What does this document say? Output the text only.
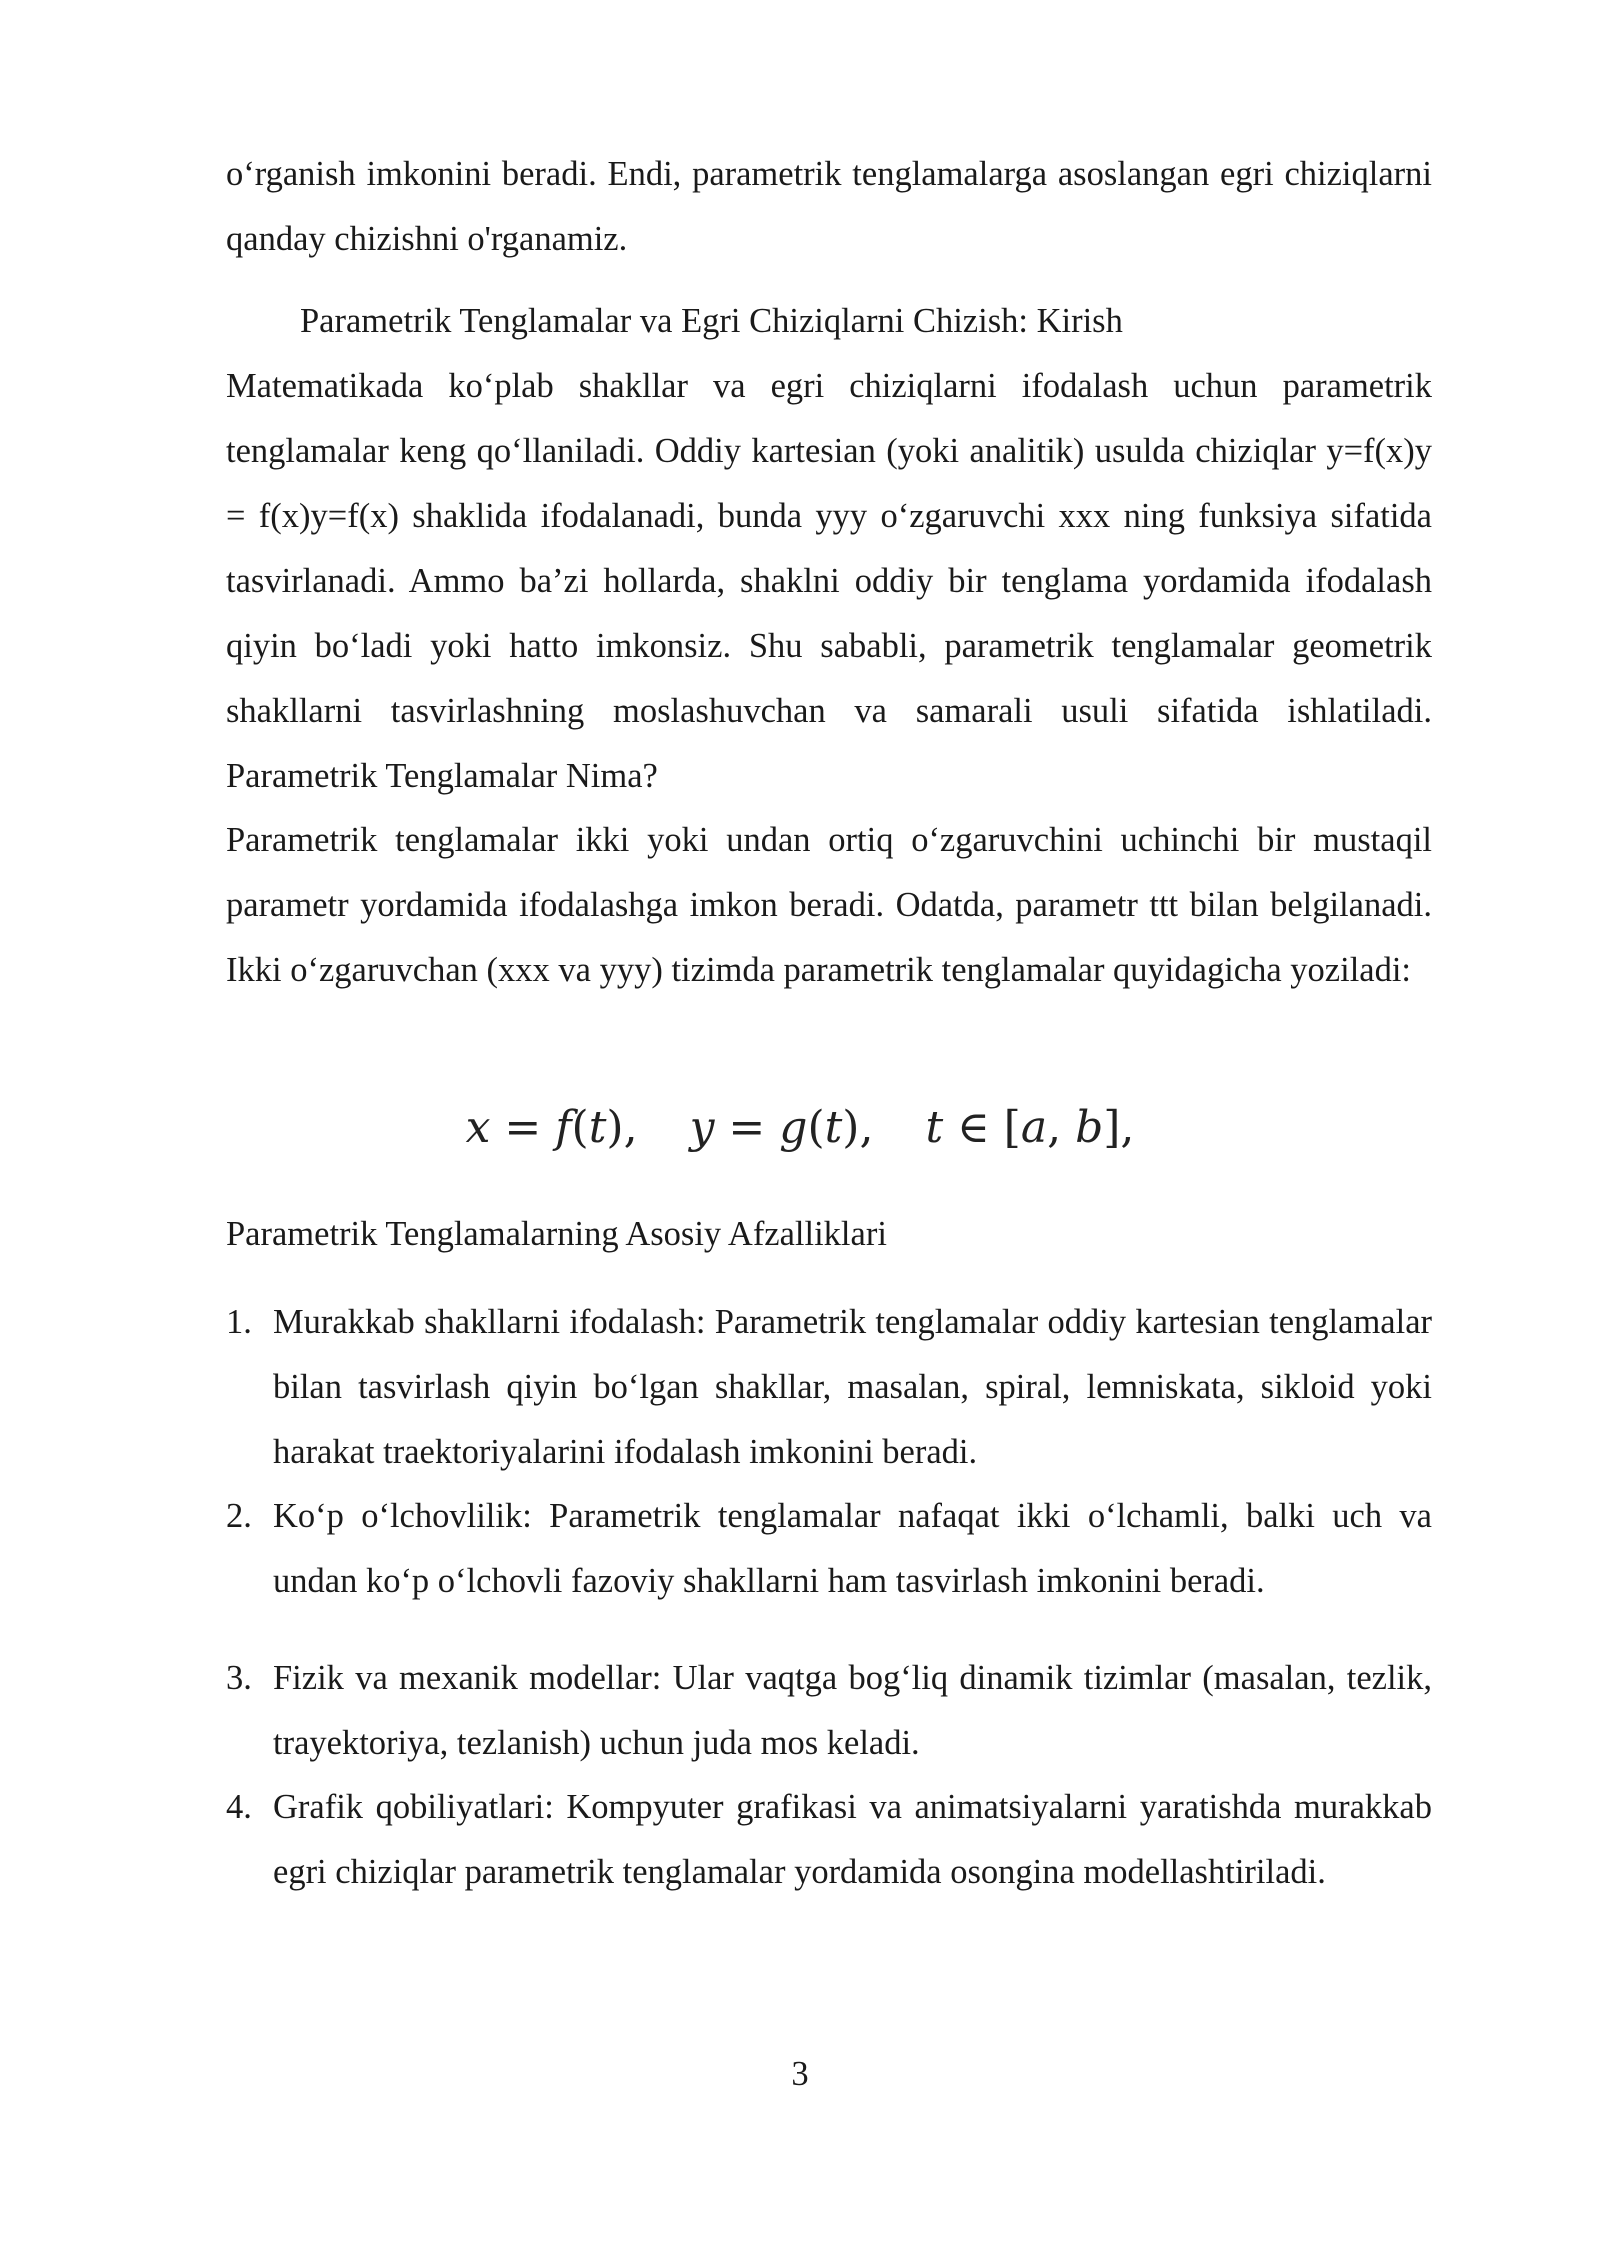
o‘rganish imkonini beradi. Endi, parametrik tenglamalarga asoslangan egri chiziqlarni qanday chizishni o'rganamiz.

Parametrik Tenglamalar va Egri Chiziqlarni Chizish: Kirish

Matematikada ko‘plab shakllar va egri chiziqlarni ifodalash uchun parametrik tenglamalar keng qo‘llaniladi. Oddiy kartesian (yoki analitik) usulda chiziqlar y=f(x)y = f(x)y=f(x) shaklida ifodalanadi, bunda yyy o‘zgaruvchi xxx ning funksiya sifatida tasvirlanadi. Ammo ba’zi hollarda, shaklni oddiy bir tenglama yordamida ifodalash qiyin bo‘ladi yoki hatto imkonsiz. Shu sababli, parametrik tenglamalar geometrik shakllarni tasvirlashning moslashuvchan va samarali usuli sifatida ishlatiladi. Parametrik Tenglamalar Nima?

Parametrik tenglamalar ikki yoki undan ortiq o‘zgaruvchini uchinchi bir mustaqil parametr yordamida ifodalashga imkon beradi. Odatda, parametr ttt bilan belgilanadi. Ikki o‘zgaruvchan (xxx va yyy) tizimda parametrik tenglamalar quyidagicha yoziladi:

x = f(t), y = g(t), t ∈ [a, b],

Parametrik Tenglamalarning Asosiy Afzalliklari

1. Murakkab shakllarni ifodalash: Parametrik tenglamalar oddiy kartesian tenglamalar bilan tasvirlash qiyin bo‘lgan shakllar, masalan, spiral, lemniskata, sikloid yoki harakat traektoriyalarini ifodalash imkonini beradi.
2. Ko‘p o‘lchovlilik: Parametrik tenglamalar nafaqat ikki o‘lchamli, balki uch va undan ko‘p o‘lchovli fazoviy shakllarni ham tasvirlash imkonini beradi.
3. Fizik va mexanik modellar: Ular vaqtga bog‘liq dinamik tizimlar (masalan, tezlik, trayektoriya, tezlanish) uchun juda mos keladi.
4. Grafik qobiliyatlari: Kompyuter grafikasi va animatsiyalarni yaratishda murakkab egri chiziqlar parametrik tenglamalar yordamida osongina modellashtiriladi.
3
